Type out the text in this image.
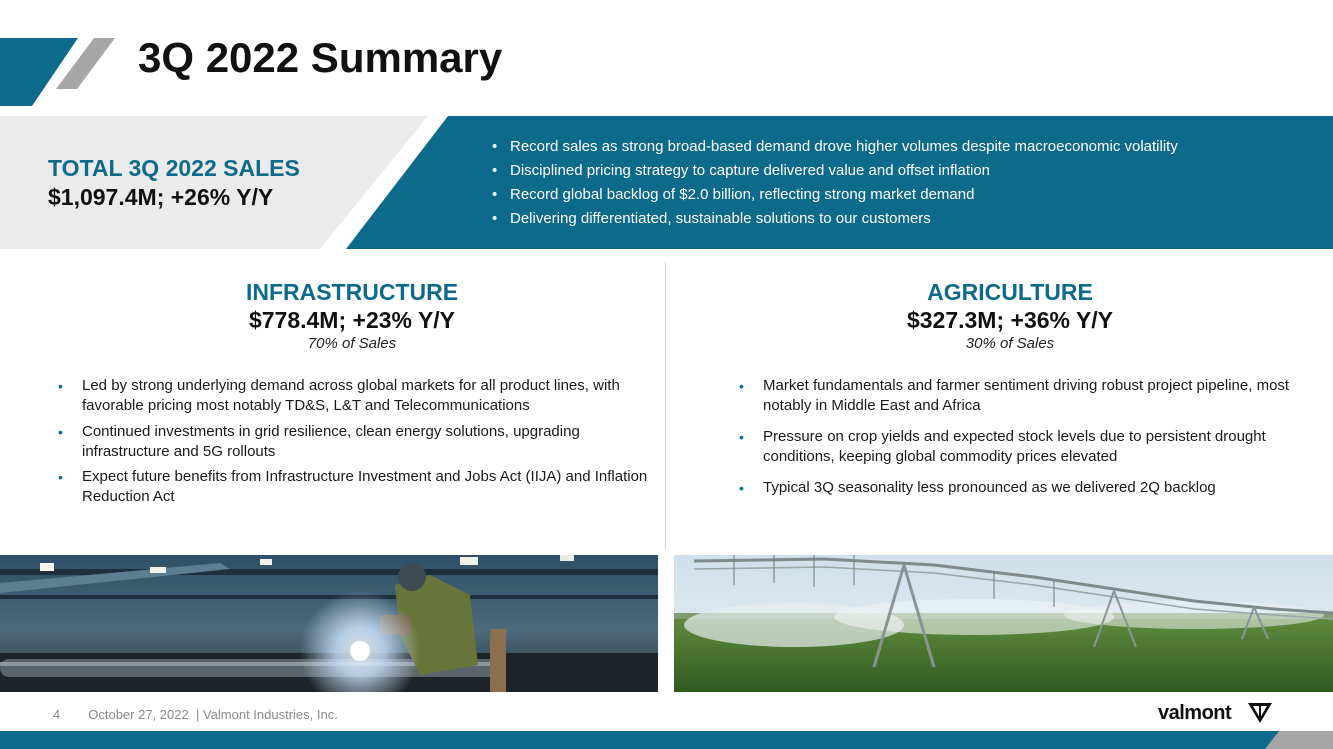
3Q 2022 Summary
TOTAL 3Q 2022 SALES
$1,097.4M; +26% Y/Y
• Record sales as strong broad-based demand drove higher volumes despite macroeconomic volatility
• Disciplined pricing strategy to capture delivered value and offset inflation
• Record global backlog of $2.0 billion, reflecting strong market demand
• Delivering differentiated, sustainable solutions to our customers
INFRASTRUCTURE
$778.4M; +23% Y/Y
70% of Sales
• Led by strong underlying demand across global markets for all product lines, with favorable pricing most notably TD&S, L&T and Telecommunications
• Continued investments in grid resilience, clean energy solutions, upgrading infrastructure and 5G rollouts
• Expect future benefits from Infrastructure Investment and Jobs Act (IIJA) and Inflation Reduction Act
AGRICULTURE
$327.3M; +36% Y/Y
30% of Sales
• Market fundamentals and farmer sentiment driving robust project pipeline, most notably in Middle East and Africa
• Pressure on crop yields and expected stock levels due to persistent drought conditions, keeping global commodity prices elevated
• Typical 3Q seasonality less pronounced as we delivered 2Q backlog
4 October 27, 2022 | Valmont Industries, Inc.	valmont
